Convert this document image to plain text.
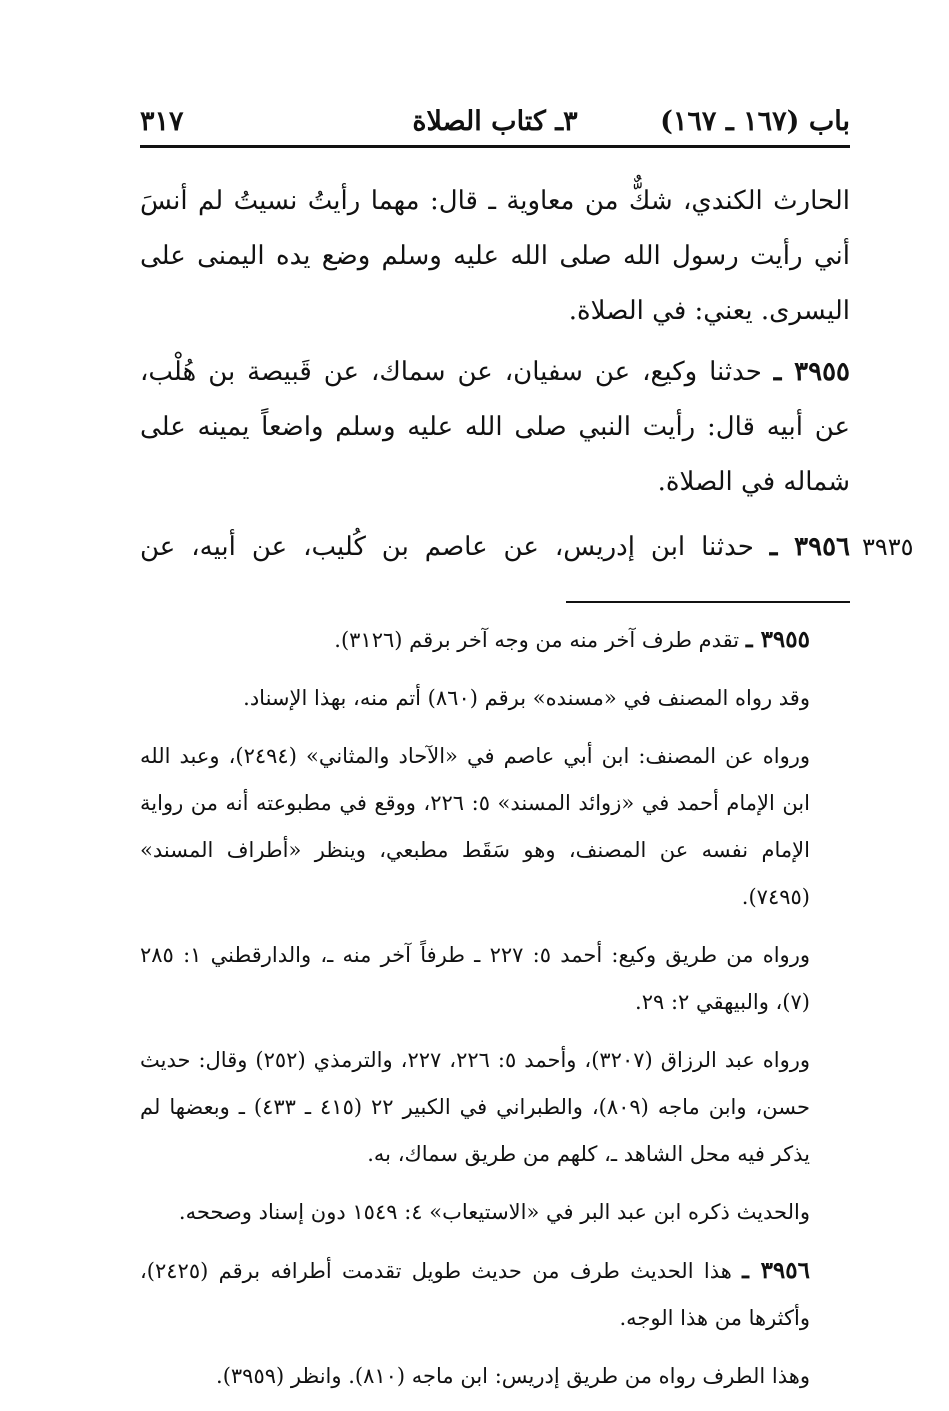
باب (١٦٧ ـ ١٦٧)
٣ـ كتاب الصلاة
٣١٧

الحارث الكندي، شكٌّ من معاوية ـ قال: مهما رأيتُ نسيتُ لم أنسَ أني رأيت رسول الله صلى الله عليه وسلم وضع يده اليمنى على اليسرى. يعني: في الصلاة.

٣٩٥٥ ـ حدثنا وكيع، عن سفيان، عن سماك، عن قَبيصة بن هُلْب، عن أبيه قال: رأيت النبي صلى الله عليه وسلم واضعاً يمينه على شماله في الصلاة.

٣٩٥٦ ـ حدثنا ابن إدريس، عن عاصم بن كُليب، عن أبيه، عن	٣٩٣٥

٣٩٥٥ ـ تقدم طرف آخر منه من وجه آخر برقم (٣١٢٦).

وقد رواه المصنف في «مسنده» برقم (٨٦٠) أتم منه، بهذا الإسناد.

ورواه عن المصنف: ابن أبي عاصم في «الآحاد والمثاني» (٢٤٩٤)، وعبد الله ابن الإمام أحمد في «زوائد المسند» ٥: ٢٢٦، ووقع في مطبوعته أنه من رواية الإمام نفسه عن المصنف، وهو سَقَط مطبعي، وينظر «أطراف المسند» (٧٤٩٥).

ورواه من طريق وكيع: أحمد ٥: ٢٢٧ ـ طرفاً آخر منه ـ، والدارقطني ١: ٢٨٥ (٧)، والبيهقي ٢: ٢٩.

ورواه عبد الرزاق (٣٢٠٧)، وأحمد ٥: ٢٢٦، ٢٢٧، والترمذي (٢٥٢) وقال: حديث حسن، وابن ماجه (٨٠٩)، والطبراني في الكبير ٢٢ (٤١٥ ـ ٤٣٣) ـ وبعضها لم يذكر فيه محل الشاهد ـ، كلهم من طريق سماك، به.

والحديث ذكره ابن عبد البر في «الاستيعاب» ٤: ١٥٤٩ دون إسناد وصححه.

٣٩٥٦ ـ هذا الحديث طرف من حديث طويل تقدمت أطرافه برقم (٢٤٢٥)، وأكثرها من هذا الوجه.

وهذا الطرف رواه من طريق إدريس: ابن ماجه (٨١٠). وانظر (٣٩٥٩).
